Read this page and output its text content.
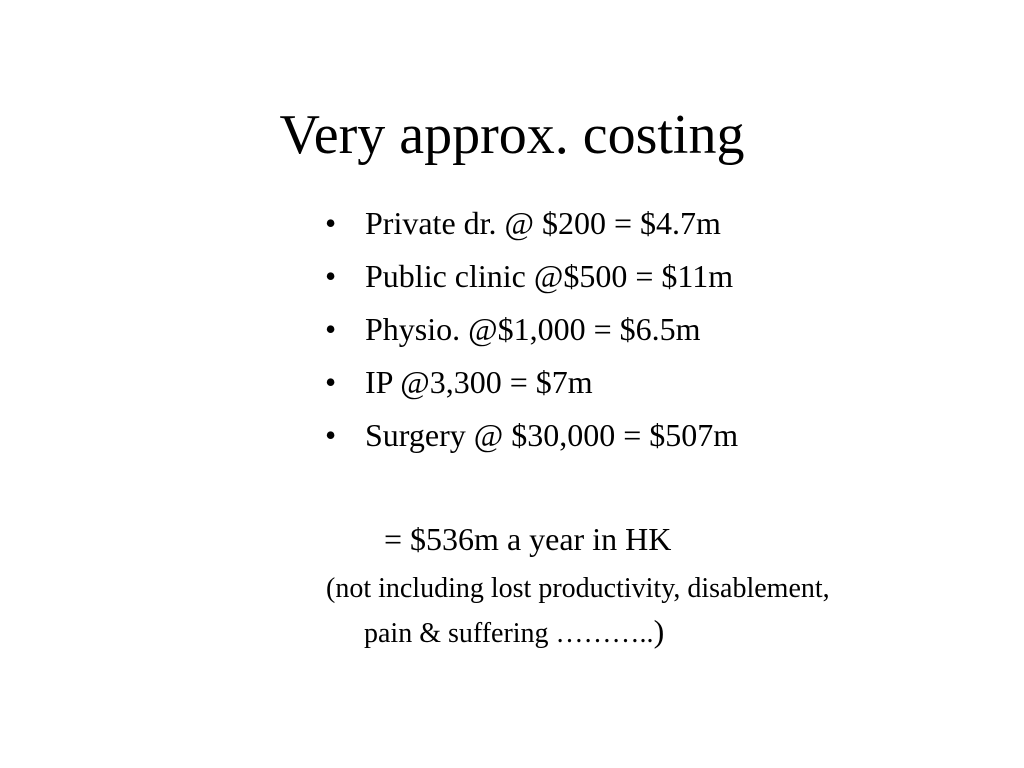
Very approx. costing
• Private dr. @ $200 = $4.7m
• Public clinic @$500 = $11m
• Physio. @$1,000 = $6.5m
• IP @3,300 = $7m
• Surgery @ $30,000 = $507m
= $536m a year in HK
(not including lost productivity, disablement,
pain & suffering ………..)
